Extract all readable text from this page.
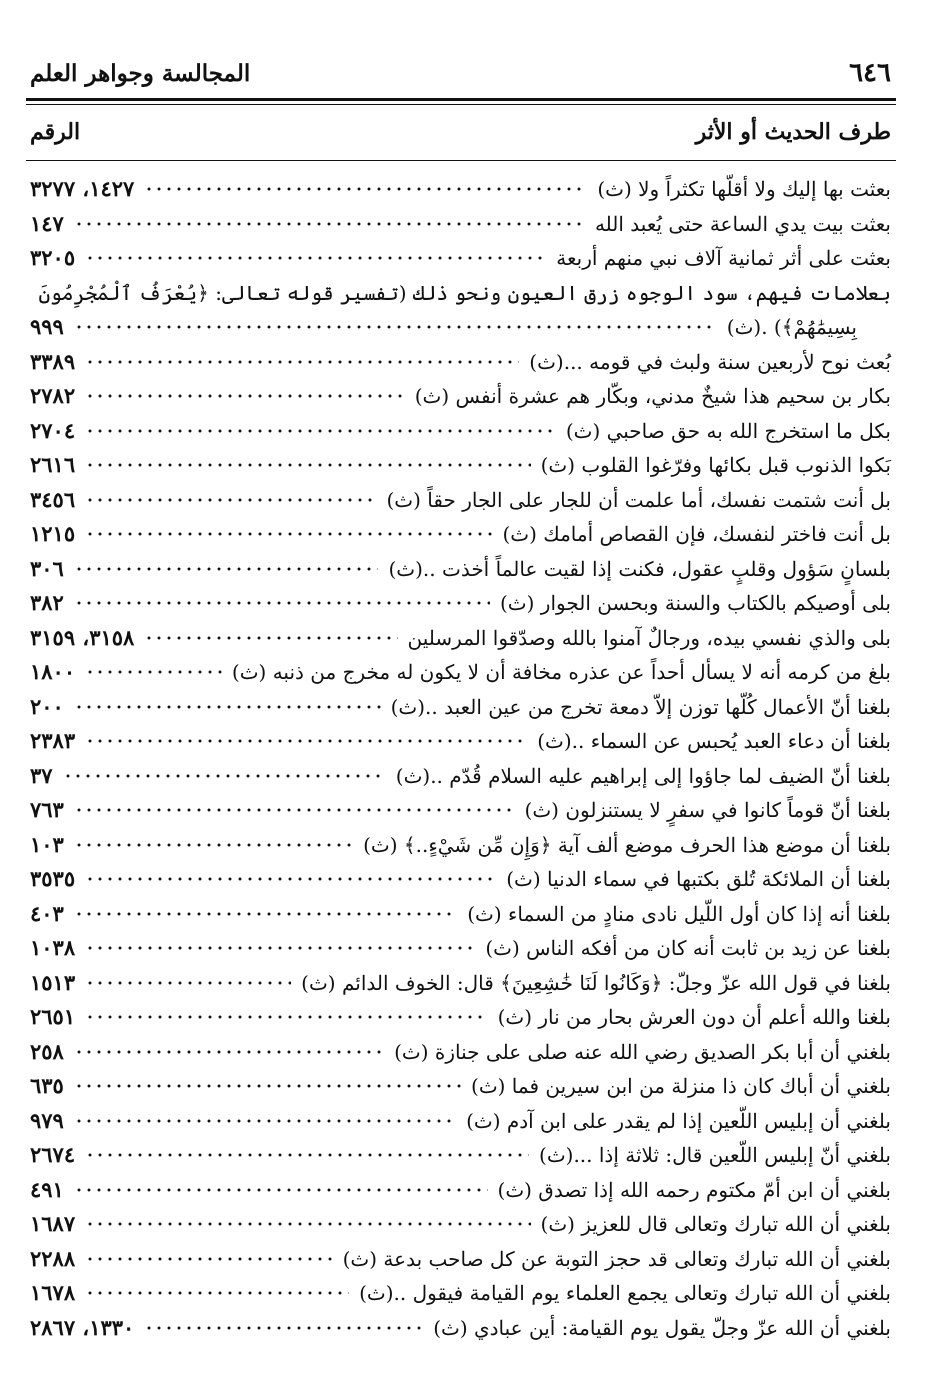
٦٤٦
المجالسة وجواهر العلم
طرف الحديث أو الأثر
الرقم
بعثت بها إليك ولا أقلّها تكثراً ولا (ث)
١٤٢٧، ٣٢٧٧
بعثت بيت يدي الساعة حتى يُعبد الله
١٤٧
بعثت على أثر ثمانية آلاف نبي منهم أربعة
٣٢٠٥
بعلامات فيهم، سود الوجوه زرق العيون ونحو ذلك (تفسير قوله تعالى: ﴿يُعْرَفُ ٱلْمُجْرِمُونَ
بِسِيمَٰهُمْ﴾) .(ث)
٩٩٩
بُعث نوح لأربعين سنة ولبث في قومه ...(ث)
٣٣٨٩
بكار بن سحيم هذا شيخٌ مدني، وبكّار هم عشرة أنفس (ث)
٢٧٨٢
بكل ما استخرج الله به حق صاحبي (ث)
٢٧٠٤
بَكوا الذنوب قبل بكائها وفرّغوا القلوب (ث)
٢٦١٦
بل أنت شتمت نفسك، أما علمت أن للجار على الجار حقاً (ث)
٣٤٥٦
بل أنت فاختر لنفسك، فإن القصاص أمامك (ث)
١٢١٥
بلسانٍ سَؤول وقلبٍ عقول، فكنت إذا لقيت عالماً أخذت ..(ث)
٣٠٦
بلى أوصيكم بالكتاب والسنة وبحسن الجوار (ث)
٣٨٢
بلى والذي نفسي بيده، ورجالٌ آمنوا بالله وصدّقوا المرسلين
٣١٥٨، ٣١٥٩
بلغ من كرمه أنه لا يسأل أحداً عن عذره مخافة أن لا يكون له مخرج من ذنبه (ث)
١٨٠٠
بلغنا أنّ الأعمال كُلّها توزن إلاّ دمعة تخرج من عين العبد ..(ث)
٢٠٠
بلغنا أن دعاء العبد يُحبس عن السماء ..(ث)
٢٣٨٣
بلغنا أنّ الضيف لما جاؤوا إلى إبراهيم عليه السلام قُدّم ..(ث)
٣٧
بلغنا أنّ قوماً كانوا في سفرٍ لا يستنزلون (ث)
٧٦٣
بلغنا أن موضع هذا الحرف موضع ألف آية ﴿وَإِن مِّن شَيْءٍ..﴾ (ث)
١٠٣
بلغنا أن الملائكة تُلق بكتبها في سماء الدنيا (ث)
٣٥٣٥
بلغنا أنه إذا كان أول اللّيل نادى منادٍ من السماء (ث)
٤٠٣
بلغنا عن زيد بن ثابت أنه كان من أفكه الناس (ث)
١٠٣٨
بلغنا في قول الله عزّ وجلّ: ﴿وَكَانُوا لَنَا خَٰشِعِينَ﴾ قال: الخوف الدائم (ث)
١٥١٣
بلغنا والله أعلم أن دون العرش بحار من نار (ث)
٢٦٥١
بلغني أن أبا بكر الصديق رضي الله عنه صلى على جنازة (ث)
٢٥٨
بلغني أن أباك كان ذا منزلة من ابن سيرين فما (ث)
٦٣٥
بلغني أن إبليس اللّعين إذا لم يقدر على ابن آدم (ث)
٩٧٩
بلغني أنّ إبليس اللّعين قال: ثلاثة إذا ...(ث)
٢٦٧٤
بلغني أن ابن أمّ مكتوم رحمه الله إذا تصدق (ث)
٤٩١
بلغني أن الله تبارك وتعالى قال للعزيز (ث)
١٦٨٧
بلغني أن الله تبارك وتعالى قد حجز التوبة عن كل صاحب بدعة (ث)
٢٢٨٨
بلغني أن الله تبارك وتعالى يجمع العلماء يوم القيامة فيقول ..(ث)
١٦٧٨
بلغني أن الله عزّ وجلّ يقول يوم القيامة: أين عبادي (ث)
١٣٣٠، ٢٨٦٧
